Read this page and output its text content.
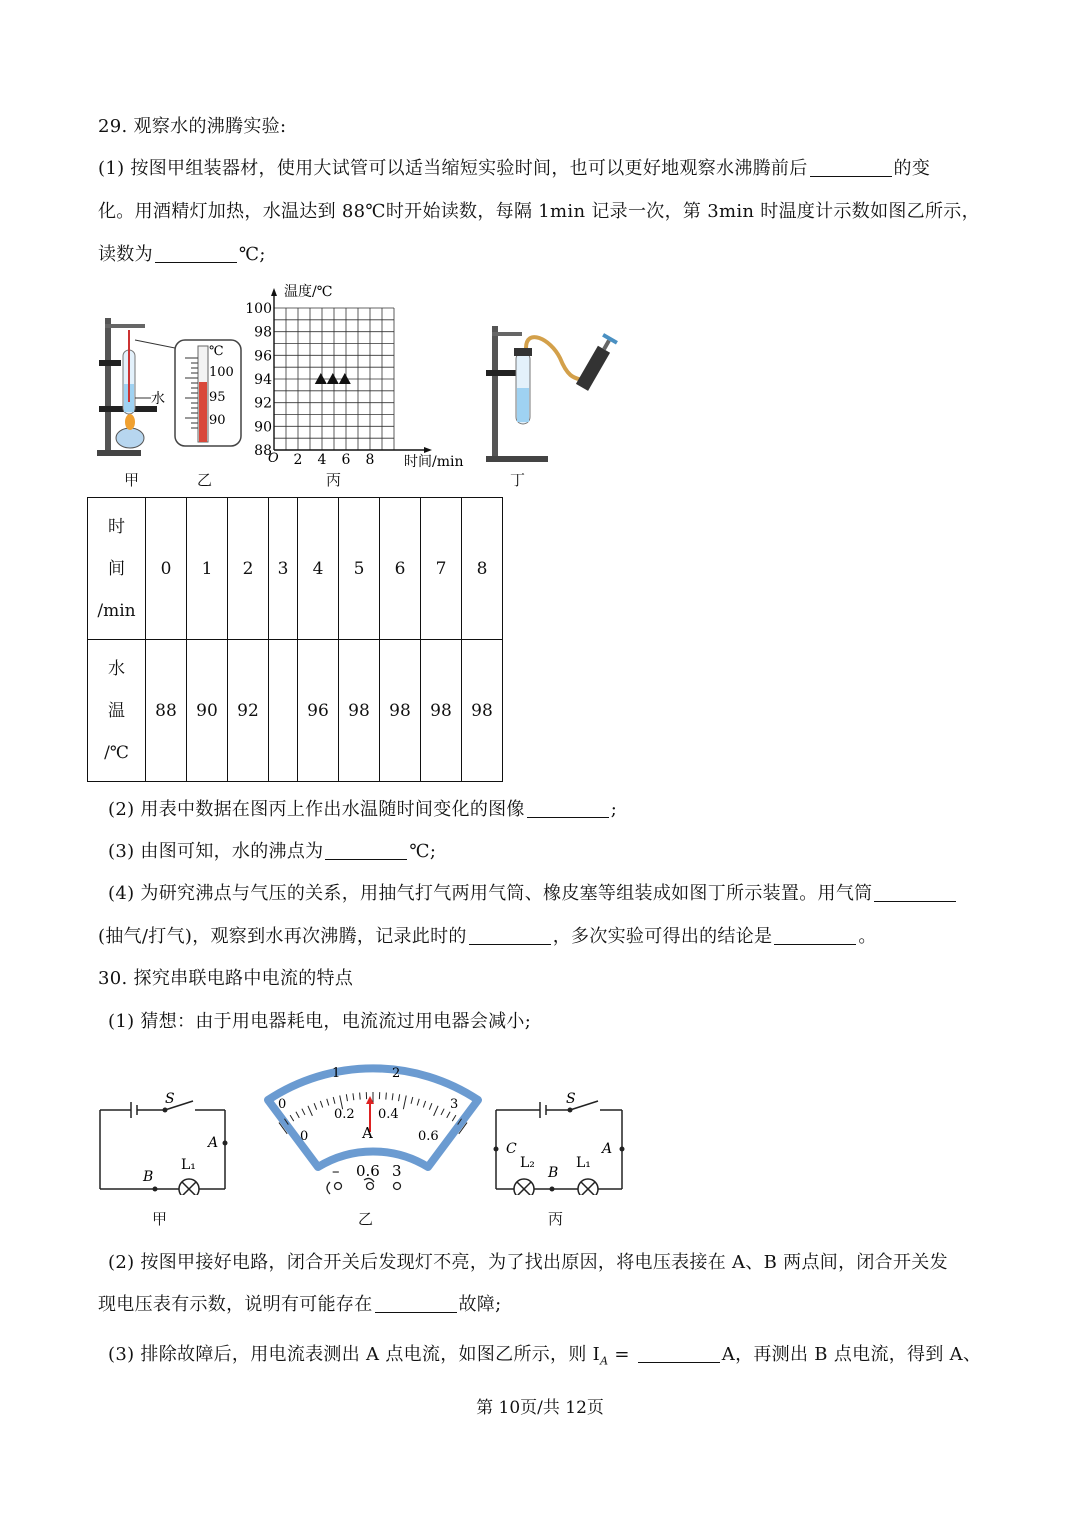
29. 观察水的沸腾实验:
(1) 按图甲组装器材，使用大试管可以适当缩短实验时间，也可以更好地观察水沸腾前后	的变
化。用酒精灯加热，水温达到 88℃时开始读数，每隔 1min 记录一次，第 3min 时温度计示数如图乙所示，
读数为	℃;
水
℃
100
95
90
100
98
96
94
92
90
88
2 4 6 8
温度/℃
时间/min
O
甲	乙	丙	丁
时
间
/min	0	1	2	3	4	5	6	7	8

水
温
/℃	88	90	92		96	98	98	98	98
(2) 用表中数据在图丙上作出水温随时间变化的图像	;
(3) 由图可知，水的沸点为	℃;
(4) 为研究沸点与气压的关系，用抽气打气两用气筒、橡皮塞等组装成如图丁所示装置。用气筒
(抽气/打气)，观察到水再次沸腾，记录此时的	，多次实验可得出的结论是	。
30. 探究串联电路中电流的特点
(1) 猜想：由于用电器耗电，电流流过用电器会减小;
S
A
B
L₁
0
1	2
3
0
0.2 0.4
0.6
A
– 0.6 3
S
A
B
C
L₁
L₂
甲	乙	丙
(2) 按图甲接好电路，闭合开关后发现灯不亮，为了找出原因，将电压表接在 A、B 两点间，闭合开关发
现电压表有示数，说明有可能存在	故障;
(3) 排除故障后，用电流表测出 A 点电流，如图乙所示，则 $I_A$ =	A，再测出 B 点电流，得到 A、
第 10页/共 12页
